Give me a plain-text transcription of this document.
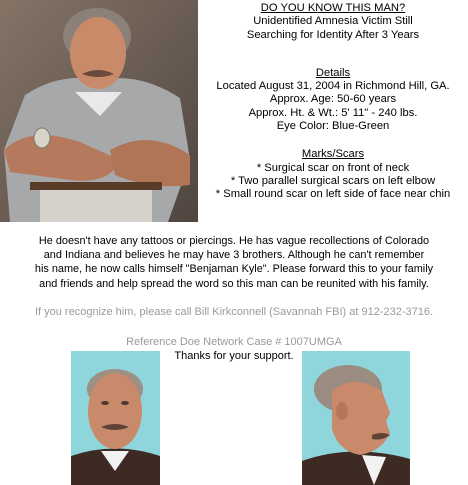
DO YOU KNOW THIS MAN?
Unidentified Amnesia Victim Still
Searching for Identity After 3 Years
Details
Located August 31, 2004 in Richmond Hill, GA.
Approx. Age: 50-60 years
Approx. Ht. & Wt.: 5' 11" - 240 lbs.
Eye Color: Blue-Green
Marks/Scars
* Surgical scar on front of neck
* Two parallel surgical scars on left elbow
* Small round scar on left side of face near chin
He doesn't have any tattoos or piercings. He has vague recollections of Colorado
and Indiana and believes he may have 3 brothers. Although he can't remember
his name, he now calls himself "Benjaman Kyle". Please forward this to your family
and friends and help spread the word so this man can be reunited with his family.
If you recognize him, please call Bill Kirkconnell (Savannah FBI) at 912-232-3716.
Reference Doe Network Case # 1007UMGA
Thanks for your support.
